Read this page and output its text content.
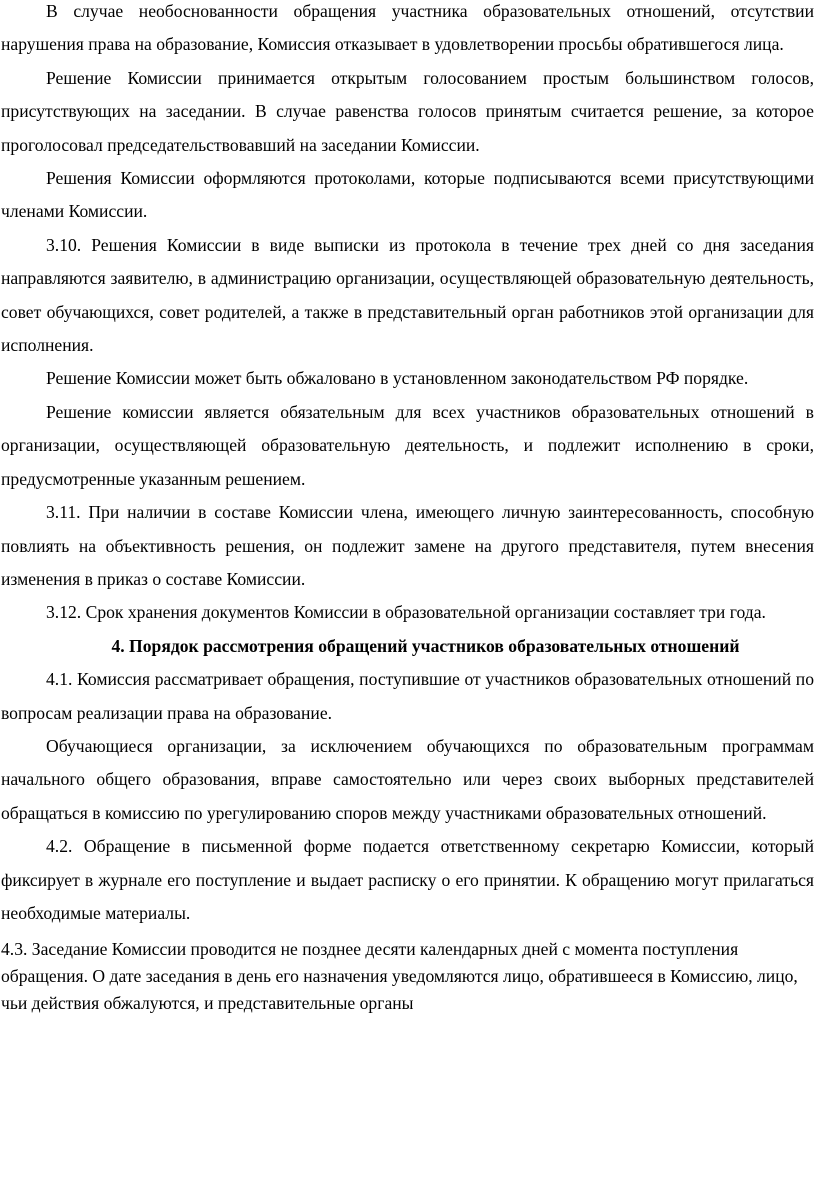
В случае необоснованности обращения участника образовательных отношений, отсутствии нарушения права на образование, Комиссия отказывает в удовлетворении просьбы обратившегося лица.

Решение Комиссии принимается открытым голосованием простым большинством голосов, присутствующих на заседании. В случае равенства голосов принятым считается решение, за которое проголосовал председательствовавший на заседании Комиссии.

Решения Комиссии оформляются протоколами, которые подписываются всеми присутствующими членами Комиссии.

3.10. Решения Комиссии в виде выписки из протокола в течение трех дней со дня заседания направляются заявителю, в администрацию организации, осуществляющей образовательную деятельность, совет обучающихся, совет родителей, а также в представительный орган работников этой организации для исполнения.

Решение Комиссии может быть обжаловано в установленном законодательством РФ порядке.

Решение комиссии является обязательным для всех участников образовательных отношений в организации, осуществляющей образовательную деятельность, и подлежит исполнению в сроки, предусмотренные указанным решением.

3.11. При наличии в составе Комиссии члена, имеющего личную заинтересованность, способную повлиять на объективность решения, он подлежит замене на другого представителя, путем внесения изменения в приказ о составе Комиссии.

3.12. Срок хранения документов Комиссии в образовательной организации составляет три года.

4. Порядок рассмотрения обращений участников образовательных отношений

4.1. Комиссия рассматривает обращения, поступившие от участников образовательных отношений по вопросам реализации права на образование.

Обучающиеся организации, за исключением обучающихся по образовательным программам начального общего образования, вправе самостоятельно или через своих выборных представителей обращаться в комиссию по урегулированию споров между участниками образовательных отношений.

4.2. Обращение в письменной форме подается ответственному секретарю Комиссии, который фиксирует в журнале его поступление и выдает расписку о его принятии. К обращению могут прилагаться необходимые материалы.

4.3. Заседание Комиссии проводится не позднее десяти календарных дней с момента поступления обращения. О дате заседания в день его назначения уведомляются лицо, обратившееся в Комиссию, лицо, чьи действия обжалуются, и представительные органы
